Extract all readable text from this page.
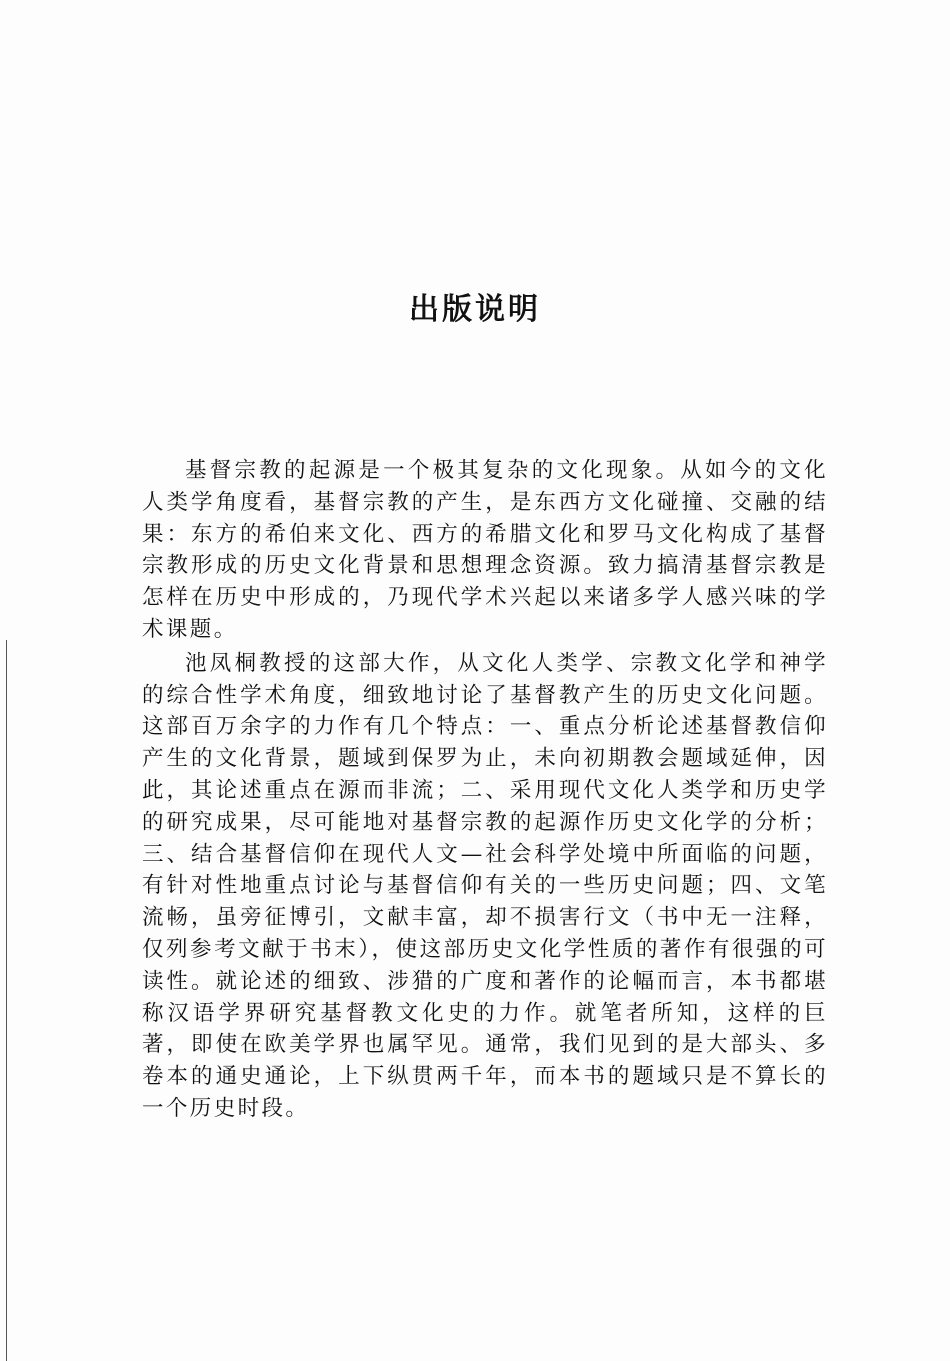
出版说明

基督宗教的起源是一个极其复杂的文化现象。从如今的文化人类学角度看，基督宗教的产生，是东西方文化碰撞、交融的结果：东方的希伯来文化、西方的希腊文化和罗马文化构成了基督宗教形成的历史文化背景和思想理念资源。致力搞清基督宗教是怎样在历史中形成的，乃现代学术兴起以来诸多学人感兴味的学术课题。

池凤桐教授的这部大作，从文化人类学、宗教文化学和神学的综合性学术角度，细致地讨论了基督教产生的历史文化问题。这部百万余字的力作有几个特点：一、重点分析论述基督教信仰产生的文化背景，题域到保罗为止，未向初期教会题域延伸，因此，其论述重点在源而非流；二、采用现代文化人类学和历史学的研究成果，尽可能地对基督宗教的起源作历史文化学的分析；三、结合基督信仰在现代人文—社会科学处境中所面临的问题，有针对性地重点讨论与基督信仰有关的一些历史问题；四、文笔流畅，虽旁征博引，文献丰富，却不损害行文（书中无一注释，仅列参考文献于书末），使这部历史文化学性质的著作有很强的可读性。就论述的细致、涉猎的广度和著作的论幅而言，本书都堪称汉语学界研究基督教文化史的力作。就笔者所知，这样的巨著，即使在欧美学界也属罕见。通常，我们见到的是大部头、多卷本的通史通论，上下纵贯两千年，而本书的题域只是不算长的一个历史时段。
